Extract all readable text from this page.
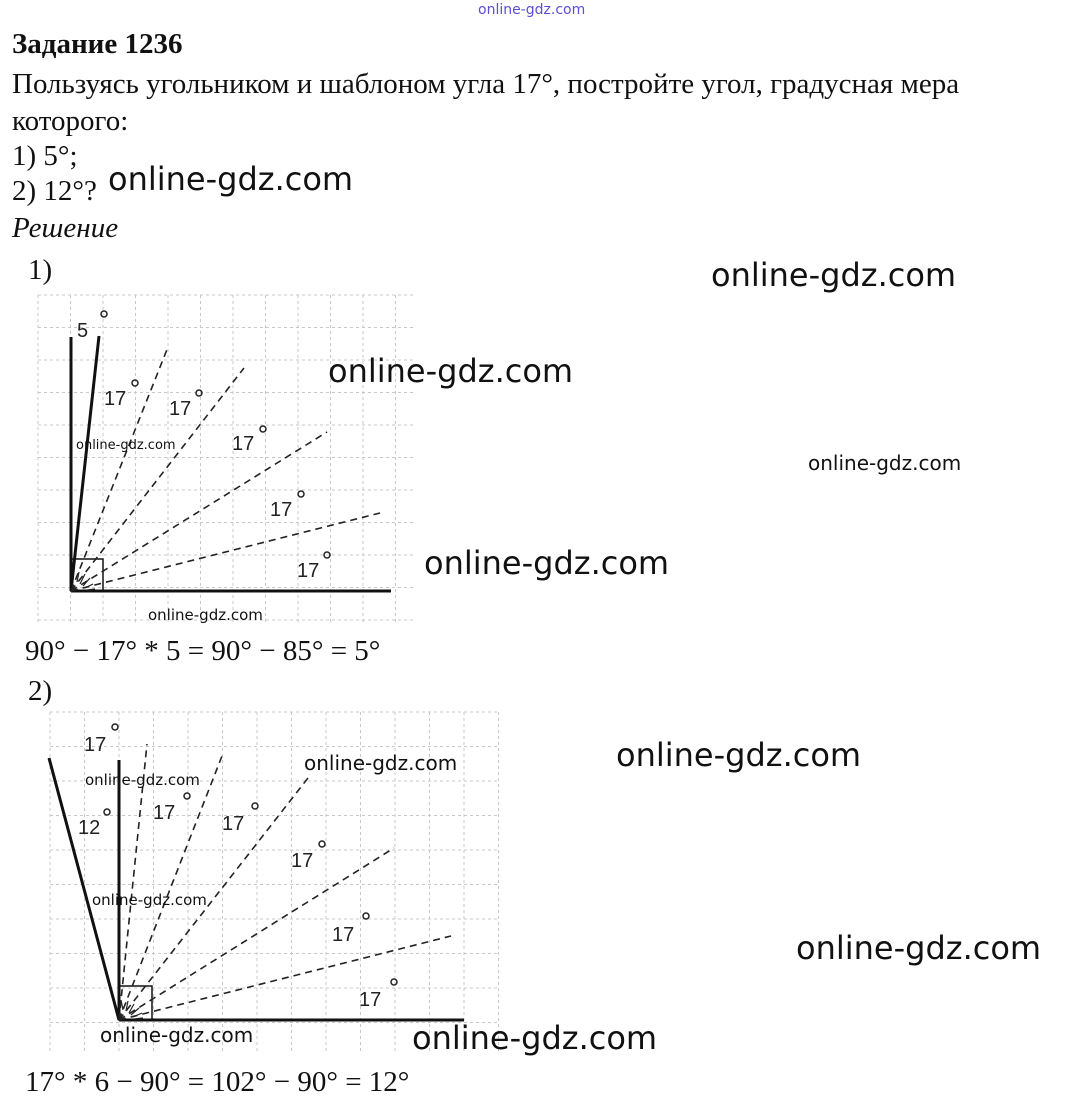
online-gdz.com
Задание 1236
Пользуясь угольником и шаблоном угла 17°, постройте угол, градусная мера
которого:
1) 5°;
2) 12°?
Решение
1)
5
17 17
17
17
17
90° − 17° * 5 = 90° − 85° = 5°
2)
17
12
17 17
17
17
17
17° * 6 − 90° = 102° − 90° = 12°
online-gdz.com
online-gdz.com
online-gdz.com
online-gdz.com
online-gdz.com
online-gdz.com
online-gdz.com
online-gdz.com
online-gdz.com
online-gdz.com
online-gdz.com
online-gdz.com
online-gdz.com	online-gdz.com
